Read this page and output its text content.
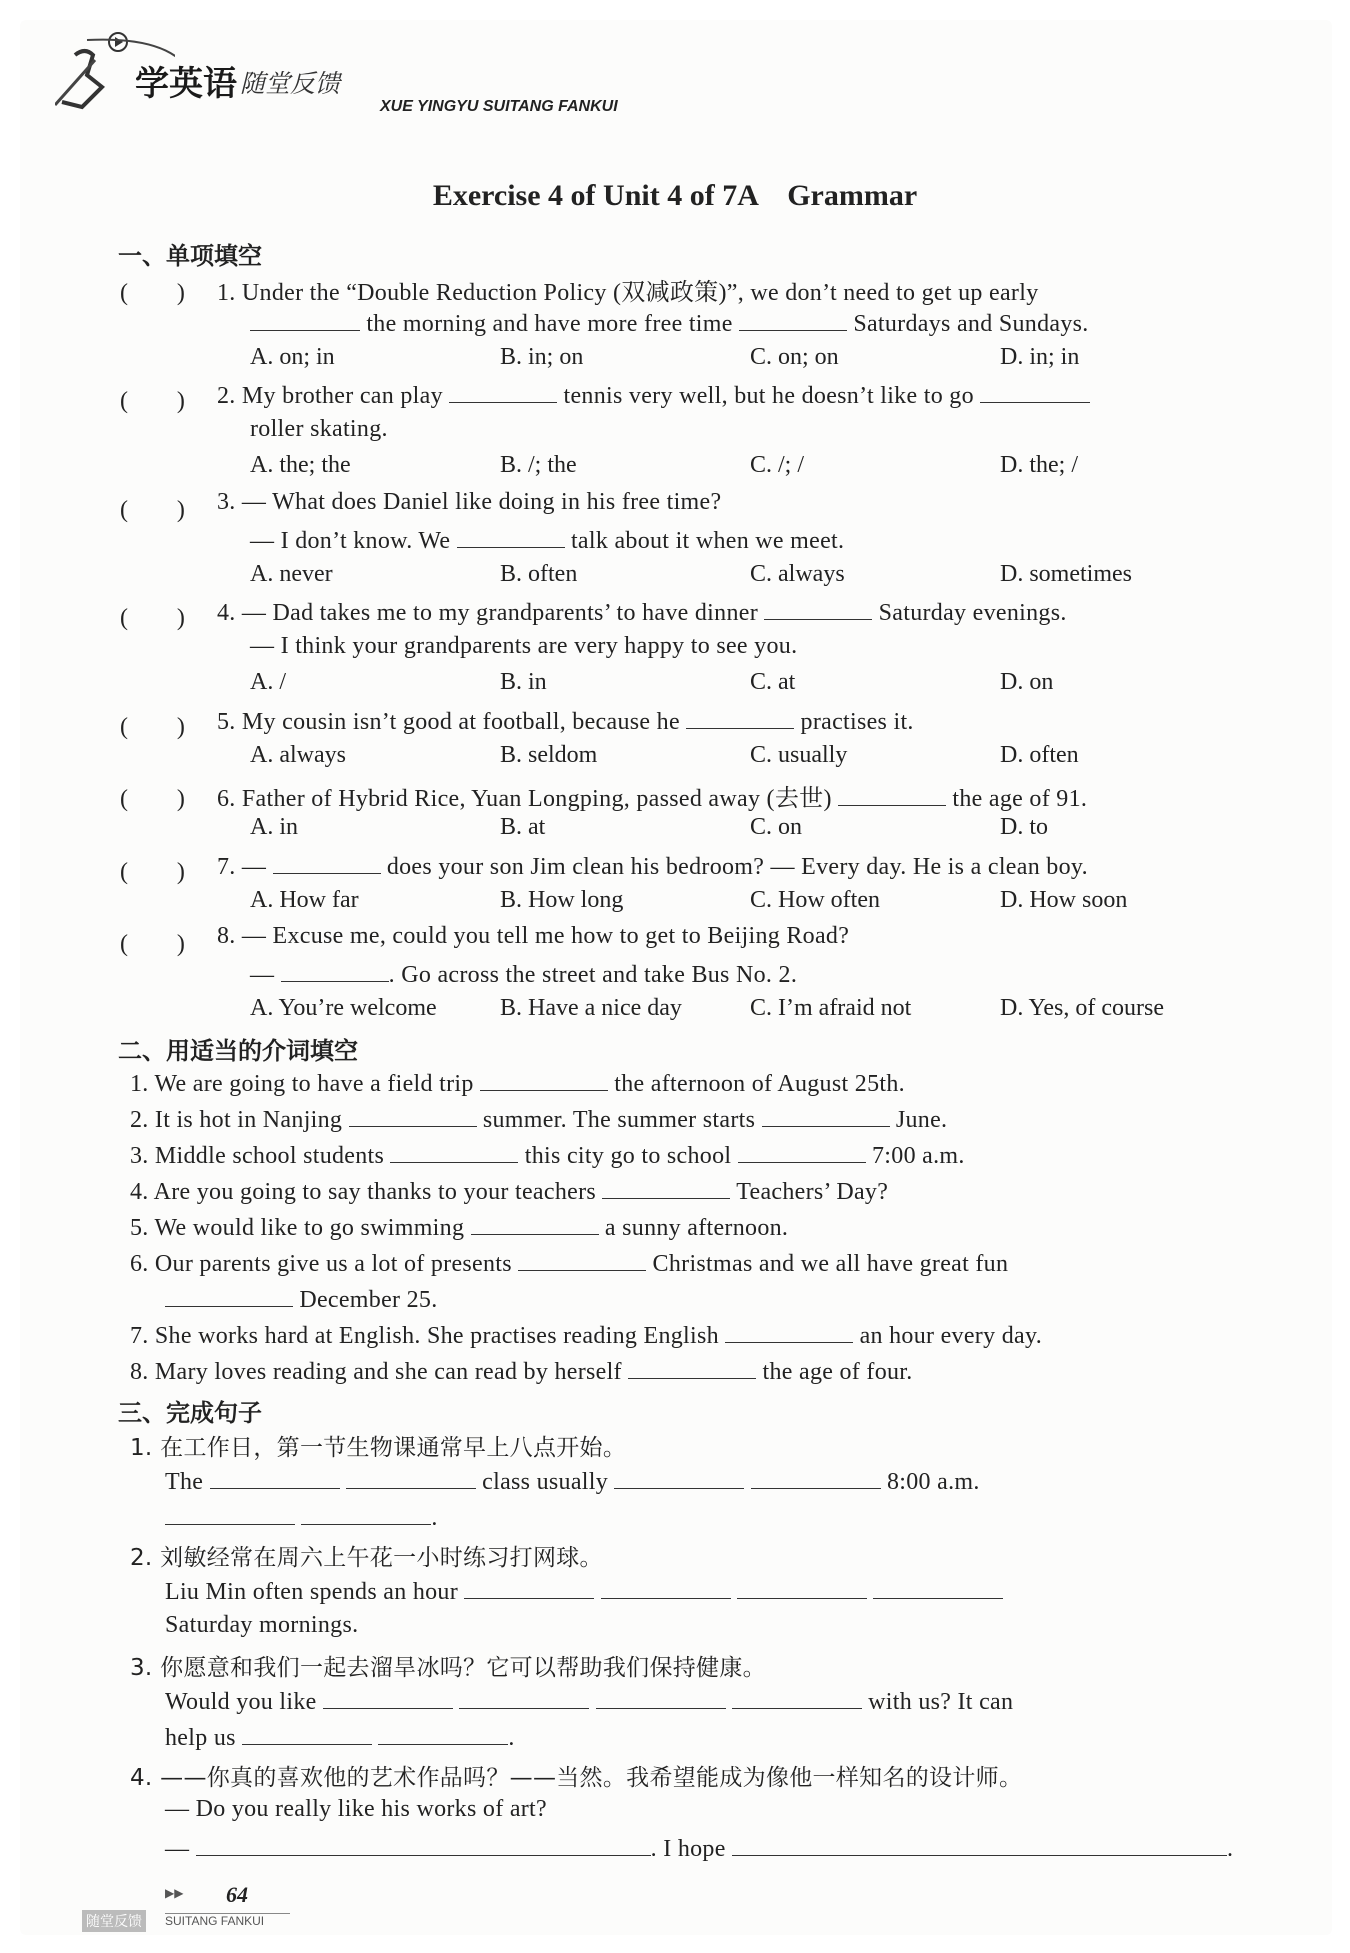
学英语 随堂反馈
XUE YINGYU SUITANG FANKUI
Exercise 4 of Unit 4 of 7A　Grammar
一、单项填空
(　　) 1. Under the “Double Reduction Policy (双减政策)”, we don’t need to get up early
the morning and have more free time	Saturdays and Sundays.
A. on; in	B. in; on	C. on; on	D. in; in
(　　) 2. My brother can play	tennis very well, but he doesn’t like to go
roller skating.
A. the; the	B. /; the	C. /; /	D. the; /
(　　) 3. — What does Daniel like doing in his free time?
— I don’t know. We	talk about it when we meet.
A. never	B. often	C. always	D. sometimes
(　　) 4. — Dad takes me to my grandparents’ to have dinner	Saturday evenings.
— I think your grandparents are very happy to see you.
A. /	B. in	C. at	D. on
(　　) 5. My cousin isn’t good at football, because he	practises it.
A. always	B. seldom	C. usually	D. often
(　　) 6. Father of Hybrid Rice, Yuan Longping, passed away (去世)	the age of 91.
A. in	B. at	C. on	D. to
(　　) 7. —	does your son Jim clean his bedroom? — Every day. He is a clean boy.
A. How far	B. How long	C. How often	D. How soon
(　　) 8. — Excuse me, could you tell me how to get to Beijing Road?
—	. Go across the street and take Bus No. 2.
A. You’re welcome	B. Have a nice day	C. I’m afraid not	D. Yes, of course
二、用适当的介词填空
1. We are going to have a field trip	the afternoon of August 25th.
2. It is hot in Nanjing	summer. The summer starts	June.
3. Middle school students	this city go to school	7:00 a.m.
4. Are you going to say thanks to your teachers	Teachers’ Day?
5. We would like to go swimming	a sunny afternoon.
6. Our parents give us a lot of presents	Christmas and we all have great fun
December 25.
7. She works hard at English. She practises reading English	an hour every day.
8. Mary loves reading and she can read by herself	the age of four.
三、完成句子
1. 在工作日，第一节生物课通常早上八点开始。
The	class usually	8:00 a.m.
.
2. 刘敏经常在周六上午花一小时练习打网球。
Liu Min often spends an hour
Saturday mornings.
3. 你愿意和我们一起去溜旱冰吗？它可以帮助我们保持健康。
Would you like	with us? It can
help us	.
4. ——你真的喜欢他的艺术作品吗？——当然。我希望能成为像他一样知名的设计师。
— Do you really like his works of art?
—	. I hope	.
▶▶ 64
随堂反馈	SUITANG FANKUI
